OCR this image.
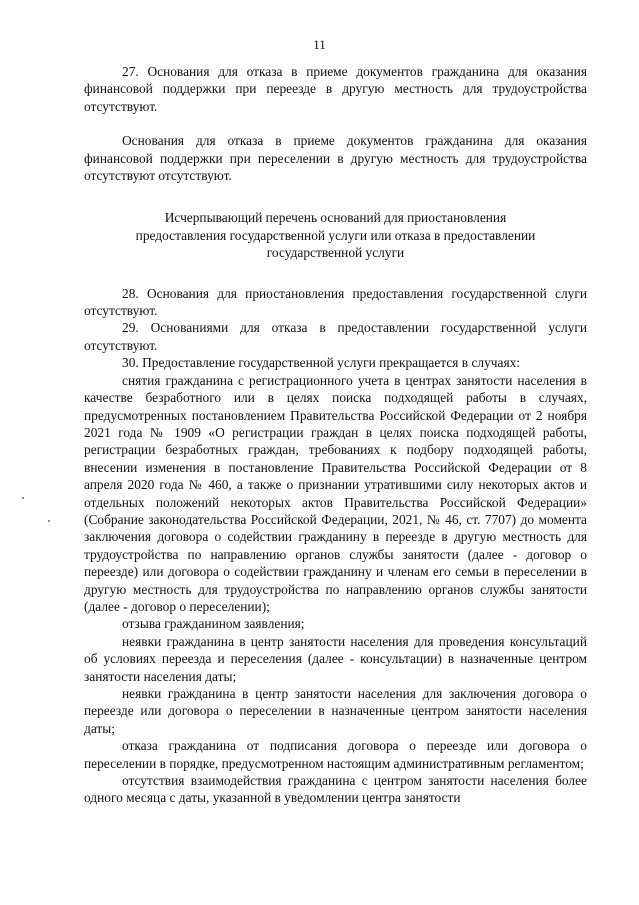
11

27. Основания для отказа в приеме документов гражданина для оказания финансовой поддержки при переезде в другую местность для трудоустройства отсутствуют.

Основания для отказа в приеме документов гражданина для оказания финансовой поддержки при переселении в другую местность для трудоустройства отсутствуют отсутствуют.

Исчерпывающий перечень оснований для приостановления
предоставления государственной услуги или отказа в предоставлении
государственной услуги

28. Основания для приостановления предоставления государственной слуги отсутствуют.

29. Основаниями для отказа в предоставлении государственной услуги отсутствуют.

30. Предоставление государственной услуги прекращается в случаях:

снятия гражданина с регистрационного учета в центрах занятости населения в качестве безработного или в целях поиска подходящей работы в случаях, предусмотренных постановлением Правительства Российской Федерации от 2 ноября 2021 года № 1909 «О регистрации граждан в целях поиска подходящей работы, регистрации безработных граждан, требованиях к подбору подходящей работы, внесении изменения в постановление Правительства Российской Федерации от 8 апреля 2020 года № 460, а также о признании утратившими силу некоторых актов и отдельных положений некоторых актов Правительства Российской Федерации» (Собрание законодательства Российской Федерации, 2021, № 46, ст. 7707) до момента заключения договора о содействии гражданину в переезде в другую местность для трудоустройства по направлению органов службы занятости (далее - договор о переезде) или договора о содействии гражданину и членам его семьи в переселении в другую местность для трудоустройства по направлению органов службы занятости (далее - договор о переселении);

отзыва гражданином заявления;

неявки гражданина в центр занятости населения для проведения консультаций об условиях переезда и переселения (далее - консультации) в назначенные центром занятости населения даты;

неявки гражданина в центр занятости населения для заключения договора о переезде или договора о переселении в назначенные центром занятости населения даты;

отказа гражданина от подписания договора о переезде или договора о переселении в порядке, предусмотренном настоящим административным регламентом;

отсутствия взаимодействия гражданина с центром занятости населения более одного месяца с даты, указанной в уведомлении центра занятости
